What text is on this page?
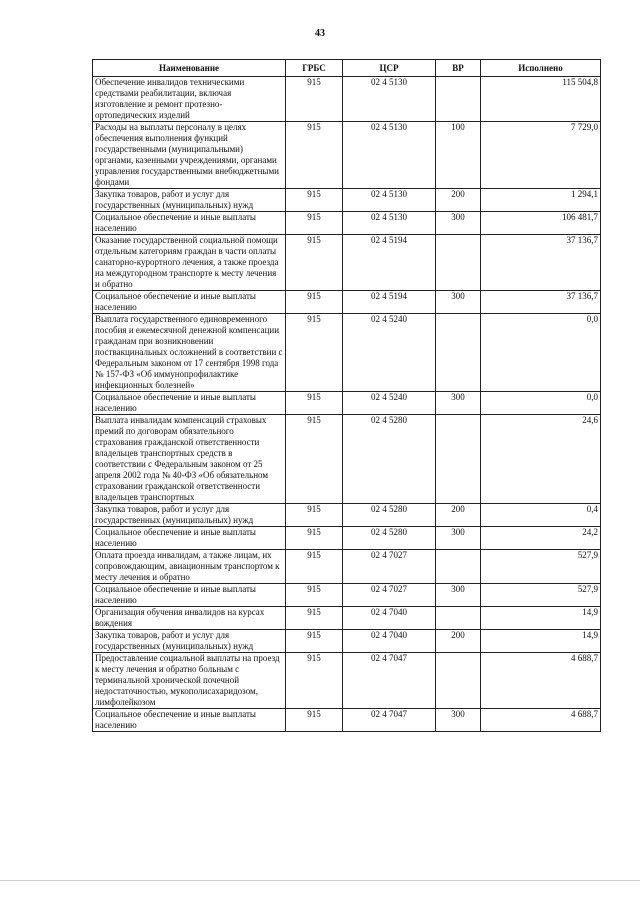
43
Наименование	ГРБС	ЦСР	ВР	Исполнено
Обеспечение инвалидов техническими средствами реабилитации, включая изготовление и ремонт протезно-ортопедических изделий	915	02 4 5130		115 504,8
Расходы на выплаты персоналу в целях обеспечения выполнения функций государственными (муниципальными) органами, казенными учреждениями, органами управления государственными внебюджетными фондами	915	02 4 5130	100	7 729,0
Закупка товаров, работ и услуг для государственных (муниципальных) нужд	915	02 4 5130	200	1 294,1
Социальное обеспечение и иные выплаты населению	915	02 4 5130	300	106 481,7
Оказание государственной социальной помощи отдельным категориям граждан в части оплаты санаторно-курортного лечения, а также проезда на междугородном транспорте к месту лечения и обратно	915	02 4 5194		37 136,7
Социальное обеспечение и иные выплаты населению	915	02 4 5194	300	37 136,7
Выплата государственного единовременного пособия и ежемесячной денежной компенсации гражданам при возникновении поствакцинальных осложнений в соответствии с Федеральным законом от 17 сентября 1998 года № 157-ФЗ «Об иммунопрофилактике инфекционных болезней»	915	02 4 5240		0,0
Социальное обеспечение и иные выплаты населению	915	02 4 5240	300	0,0
Выплата инвалидам компенсаций страховых премий по договорам обязательного страхования гражданской ответственности владельцев транспортных средств в соответствии с Федеральным законом от 25 апреля 2002 года № 40-ФЗ «Об обязательном страховании гражданской ответственности владельцев транспортных	915	02 4 5280		24,6
Закупка товаров, работ и услуг для государственных (муниципальных) нужд	915	02 4 5280	200	0,4
Социальное обеспечение и иные выплаты населению	915	02 4 5280	300	24,2
Оплата проезда инвалидам, а также лицам, их сопровождающим, авиационным транспортом к месту лечения и обратно	915	02 4 7027		527,9
Социальное обеспечение и иные выплаты населению	915	02 4 7027	300	527,9
Организация обучения инвалидов на курсах вождения	915	02 4 7040		14,9
Закупка товаров, работ и услуг для государственных (муниципальных) нужд	915	02 4 7040	200	14,9
Предоставление социальной выплаты на проезд к месту лечения и обратно больным с терминальной хронической почечной недостаточностью, мукополисахаридозом, лимфолейкозом	915	02 4 7047		4 688,7
Социальное обеспечение и иные выплаты населению	915	02 4 7047	300	4 688,7
